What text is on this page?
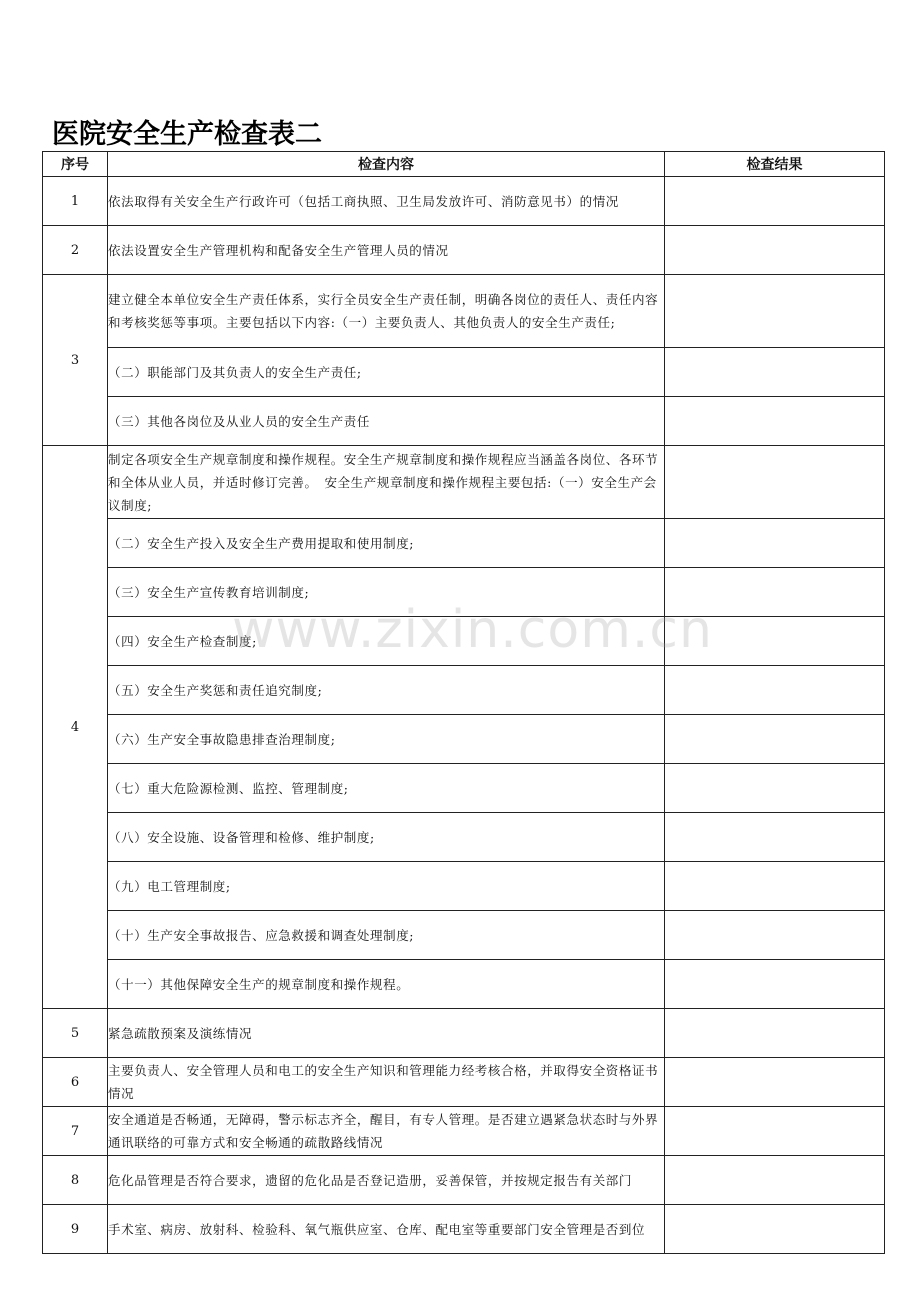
医院安全生产检查表二
序号	检查内容	检查结果
1	依法取得有关安全生产行政许可（包括工商执照、卫生局发放许可、消防意见书）的情况	
2	依法设置安全生产管理机构和配备安全生产管理人员的情况	
3	建立健全本单位安全生产责任体系，实行全员安全生产责任制，明确各岗位的责任人、责任内容和考核奖惩等事项。主要包括以下内容:（一）主要负责人、其他负责人的安全生产责任;	
	（二）职能部门及其负责人的安全生产责任;	
	（三）其他各岗位及从业人员的安全生产责任	
4	制定各项安全生产规章制度和操作规程。安全生产规章制度和操作规程应当涵盖各岗位、各环节和全体从业人员，并适时修订完善。　安全生产规章制度和操作规程主要包括:（一）安全生产会议制度;	
	（二）安全生产投入及安全生产费用提取和使用制度;	
	（三）安全生产宣传教育培训制度;	
	（四）安全生产检查制度;	
	（五）安全生产奖惩和责任追究制度;	
	（六）生产安全事故隐患排查治理制度;	
	（七）重大危险源检测、监控、管理制度;	
	（八）安全设施、设备管理和检修、维护制度;	
	（九）电工管理制度;	
	（十）生产安全事故报告、应急救援和调查处理制度;	
	（十一）其他保障安全生产的规章制度和操作规程。	
5	紧急疏散预案及演练情况	
6	主要负责人、安全管理人员和电工的安全生产知识和管理能力经考核合格，并取得安全资格证书情况	
7	安全通道是否畅通，无障碍，警示标志齐全，醒目，有专人管理。是否建立遇紧急状态时与外界通讯联络的可靠方式和安全畅通的疏散路线情况	
8	危化品管理是否符合要求，遗留的危化品是否登记造册，妥善保管，并按规定报告有关部门	
9	手术室、病房、放射科、检验科、氧气瓶供应室、仓库、配电室等重要部门安全管理是否到位	
www.zixin.com.cn
